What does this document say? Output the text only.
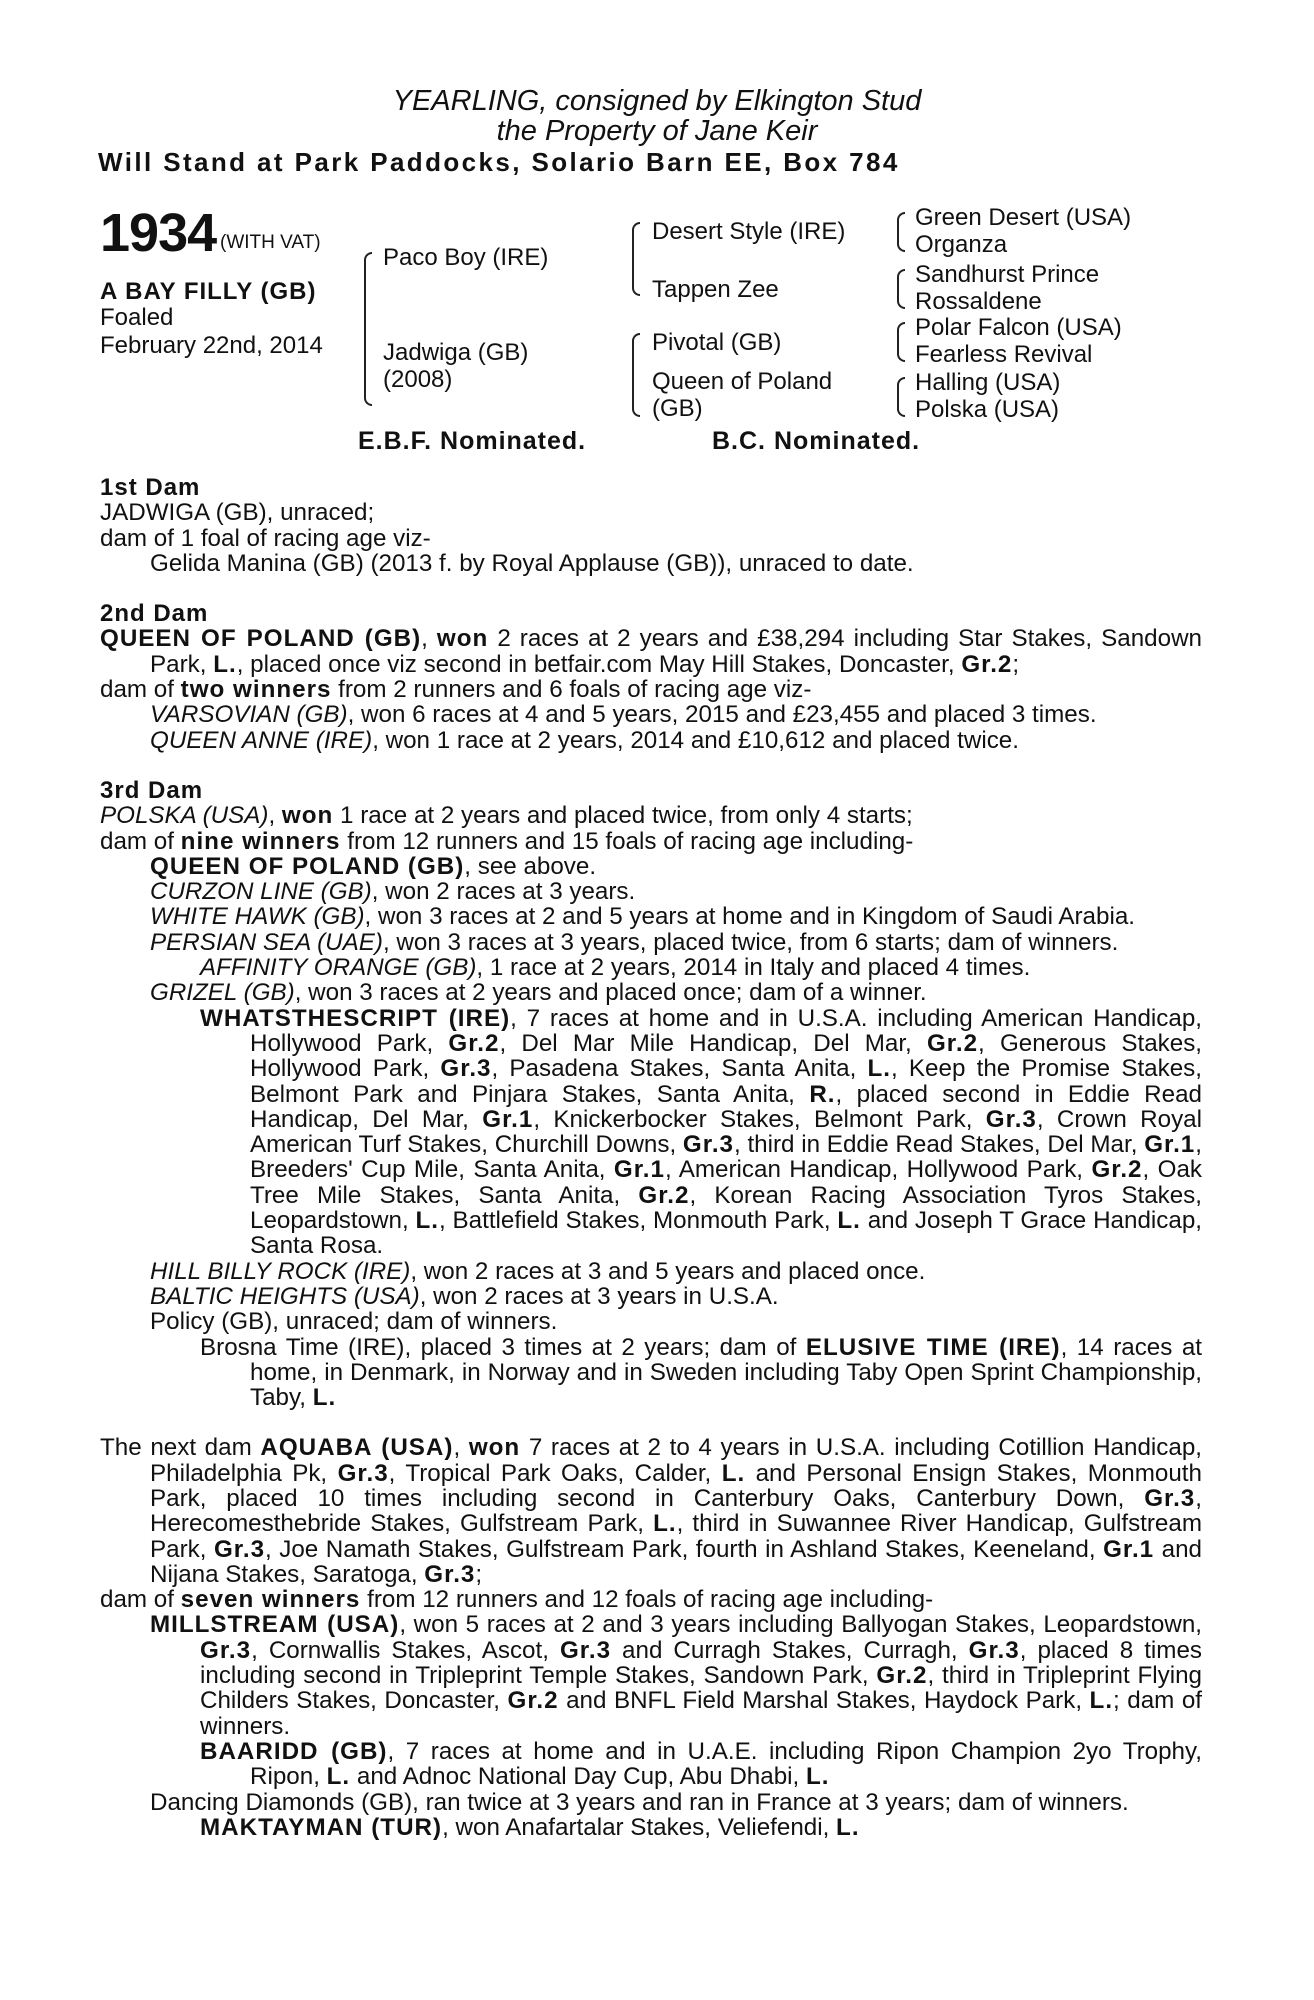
YEARLING, consigned by Elkington Stud
the Property of Jane Keir
Will Stand at Park Paddocks, Solario Barn EE, Box 784
1934 (WITH VAT)
A BAY FILLY (GB)
Foaled
February 22nd, 2014
Paco Boy (IRE)
Jadwiga (GB)
(2008)
Desert Style (IRE)
Tappen Zee
Pivotal (GB)
Queen of Poland
(GB)
Green Desert (USA)
Organza
Sandhurst Prince
Rossaldene
Polar Falcon (USA)
Fearless Revival
Halling (USA)
Polska (USA)
E.B.F. Nominated.	B.C. Nominated.

1st Dam

JADWIGA (GB), unraced;

dam of 1 foal of racing age viz-

Gelida Manina (GB) (2013 f. by Royal Applause (GB)), unraced to date.

2nd Dam

QUEEN OF POLAND (GB), won 2 races at 2 years and £38,294 including Star Stakes, Sandown Park, L., placed once viz second in betfair.com May Hill Stakes, Doncaster, Gr.2;

dam of two winners from 2 runners and 6 foals of racing age viz-

VARSOVIAN (GB), won 6 races at 4 and 5 years, 2015 and £23,455 and placed 3 times.

QUEEN ANNE (IRE), won 1 race at 2 years, 2014 and £10,612 and placed twice.

3rd Dam

POLSKA (USA), won 1 race at 2 years and placed twice, from only 4 starts;

dam of nine winners from 12 runners and 15 foals of racing age including-

QUEEN OF POLAND (GB), see above.

CURZON LINE (GB), won 2 races at 3 years.

WHITE HAWK (GB), won 3 races at 2 and 5 years at home and in Kingdom of Saudi Arabia.

PERSIAN SEA (UAE), won 3 races at 3 years, placed twice, from 6 starts; dam of winners.

AFFINITY ORANGE (GB), 1 race at 2 years, 2014 in Italy and placed 4 times.

GRIZEL (GB), won 3 races at 2 years and placed once; dam of a winner.

WHATSTHESCRIPT (IRE), 7 races at home and in U.S.A. including American Handicap, Hollywood Park, Gr.2, Del Mar Mile Handicap, Del Mar, Gr.2, Generous Stakes, Hollywood Park, Gr.3, Pasadena Stakes, Santa Anita, L., Keep the Promise Stakes, Belmont Park and Pinjara Stakes, Santa Anita, R., placed second in Eddie Read Handicap, Del Mar, Gr.1, Knickerbocker Stakes, Belmont Park, Gr.3, Crown Royal American Turf Stakes, Churchill Downs, Gr.3, third in Eddie Read Stakes, Del Mar, Gr.1, Breeders' Cup Mile, Santa Anita, Gr.1, American Handicap, Hollywood Park, Gr.2, Oak Tree Mile Stakes, Santa Anita, Gr.2, Korean Racing Association Tyros Stakes, Leopardstown, L., Battlefield Stakes, Monmouth Park, L. and Joseph T Grace Handicap, Santa Rosa.

HILL BILLY ROCK (IRE), won 2 races at 3 and 5 years and placed once.

BALTIC HEIGHTS (USA), won 2 races at 3 years in U.S.A.

Policy (GB), unraced; dam of winners.

Brosna Time (IRE), placed 3 times at 2 years; dam of ELUSIVE TIME (IRE), 14 races at home, in Denmark, in Norway and in Sweden including Taby Open Sprint Championship, Taby, L.

The next dam AQUABA (USA), won 7 races at 2 to 4 years in U.S.A. including Cotillion Handicap, Philadelphia Pk, Gr.3, Tropical Park Oaks, Calder, L. and Personal Ensign Stakes, Monmouth Park, placed 10 times including second in Canterbury Oaks, Canterbury Down, Gr.3, Herecomesthebride Stakes, Gulfstream Park, L., third in Suwannee River Handicap, Gulfstream Park, Gr.3, Joe Namath Stakes, Gulfstream Park, fourth in Ashland Stakes, Keeneland, Gr.1 and Nijana Stakes, Saratoga, Gr.3;

dam of seven winners from 12 runners and 12 foals of racing age including-

MILLSTREAM (USA), won 5 races at 2 and 3 years including Ballyogan Stakes, Leopardstown, Gr.3, Cornwallis Stakes, Ascot, Gr.3 and Curragh Stakes, Curragh, Gr.3, placed 8 times including second in Tripleprint Temple Stakes, Sandown Park, Gr.2, third in Tripleprint Flying Childers Stakes, Doncaster, Gr.2 and BNFL Field Marshal Stakes, Haydock Park, L.; dam of winners.

BAARIDD (GB), 7 races at home and in U.A.E. including Ripon Champion 2yo Trophy, Ripon, L. and Adnoc National Day Cup, Abu Dhabi, L.

Dancing Diamonds (GB), ran twice at 3 years and ran in France at 3 years; dam of winners.

MAKTAYMAN (TUR), won Anafartalar Stakes, Veliefendi, L.
